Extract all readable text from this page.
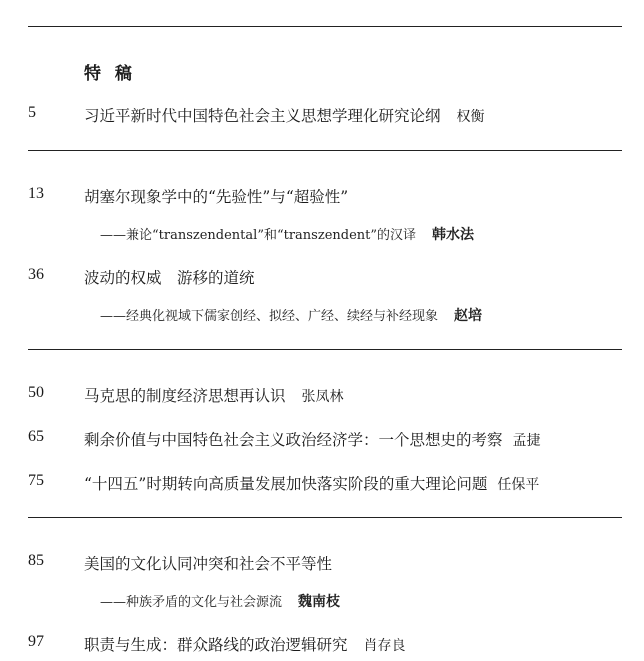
特 稿
5	习近平新时代中国特色社会主义思想学理化研究论纲 权衡
13	胡塞尔现象学中的“先验性”与“超验性”
——兼论“transzendental”和“transzendent”的汉译 韩水法
36	波动的权威　游移的道统
——经典化视域下儒家创经、拟经、广经、续经与补经现象 赵培
50	马克思的制度经济思想再认识 张凤林
65	剩余价值与中国特色社会主义政治经济学：一个思想史的考察 孟捷
75	“十四五”时期转向高质量发展加快落实阶段的重大理论问题 任保平
85	美国的文化认同冲突和社会不平等性
——种族矛盾的文化与社会源流 魏南枝
97	职责与生成：群众路线的政治逻辑研究 肖存良
